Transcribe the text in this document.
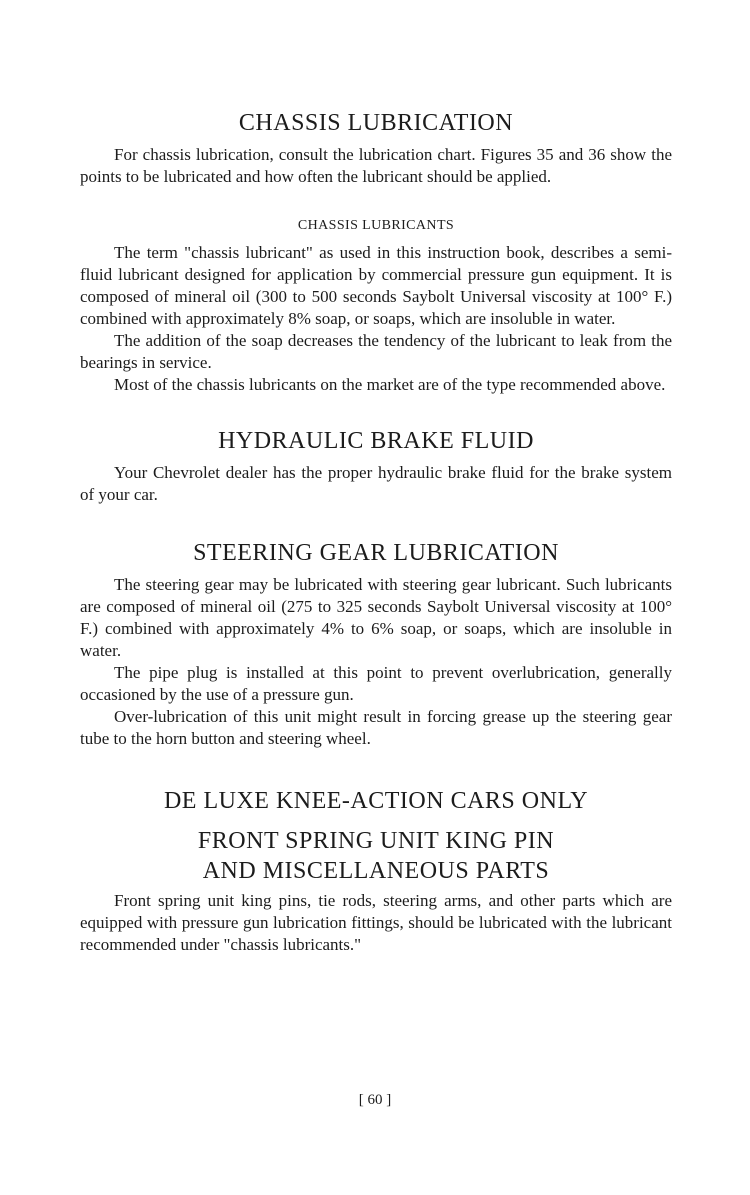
CHASSIS LUBRICATION

For chassis lubrication, consult the lubrication chart. Figures 35 and 36 show the points to be lubricated and how often the lubricant should be applied.

CHASSIS LUBRICANTS

The term "chassis lubricant" as used in this instruction book, describes a semi-fluid lubricant designed for application by commercial pressure gun equipment. It is composed of mineral oil (300 to 500 seconds Saybolt Universal viscosity at 100° F.) combined with approximately 8% soap, or soaps, which are insoluble in water.

The addition of the soap decreases the tendency of the lubricant to leak from the bearings in service.

Most of the chassis lubricants on the market are of the type recommended above.

HYDRAULIC BRAKE FLUID

Your Chevrolet dealer has the proper hydraulic brake fluid for the brake system of your car.

STEERING GEAR LUBRICATION

The steering gear may be lubricated with steering gear lubricant. Such lubricants are composed of mineral oil (275 to 325 seconds Saybolt Universal viscosity at 100° F.) combined with approximately 4% to 6% soap, or soaps, which are insoluble in water.

The pipe plug is installed at this point to prevent overlubrication, generally occasioned by the use of a pressure gun.

Over-lubrication of this unit might result in forcing grease up the steering gear tube to the horn button and steering wheel.

DE LUXE KNEE-ACTION CARS ONLY
FRONT SPRING UNIT KING PIN
AND MISCELLANEOUS PARTS

Front spring unit king pins, tie rods, steering arms, and other parts which are equipped with pressure gun lubrication fittings, should be lubricated with the lubricant recommended under "chassis lubricants."

[ 60 ]
